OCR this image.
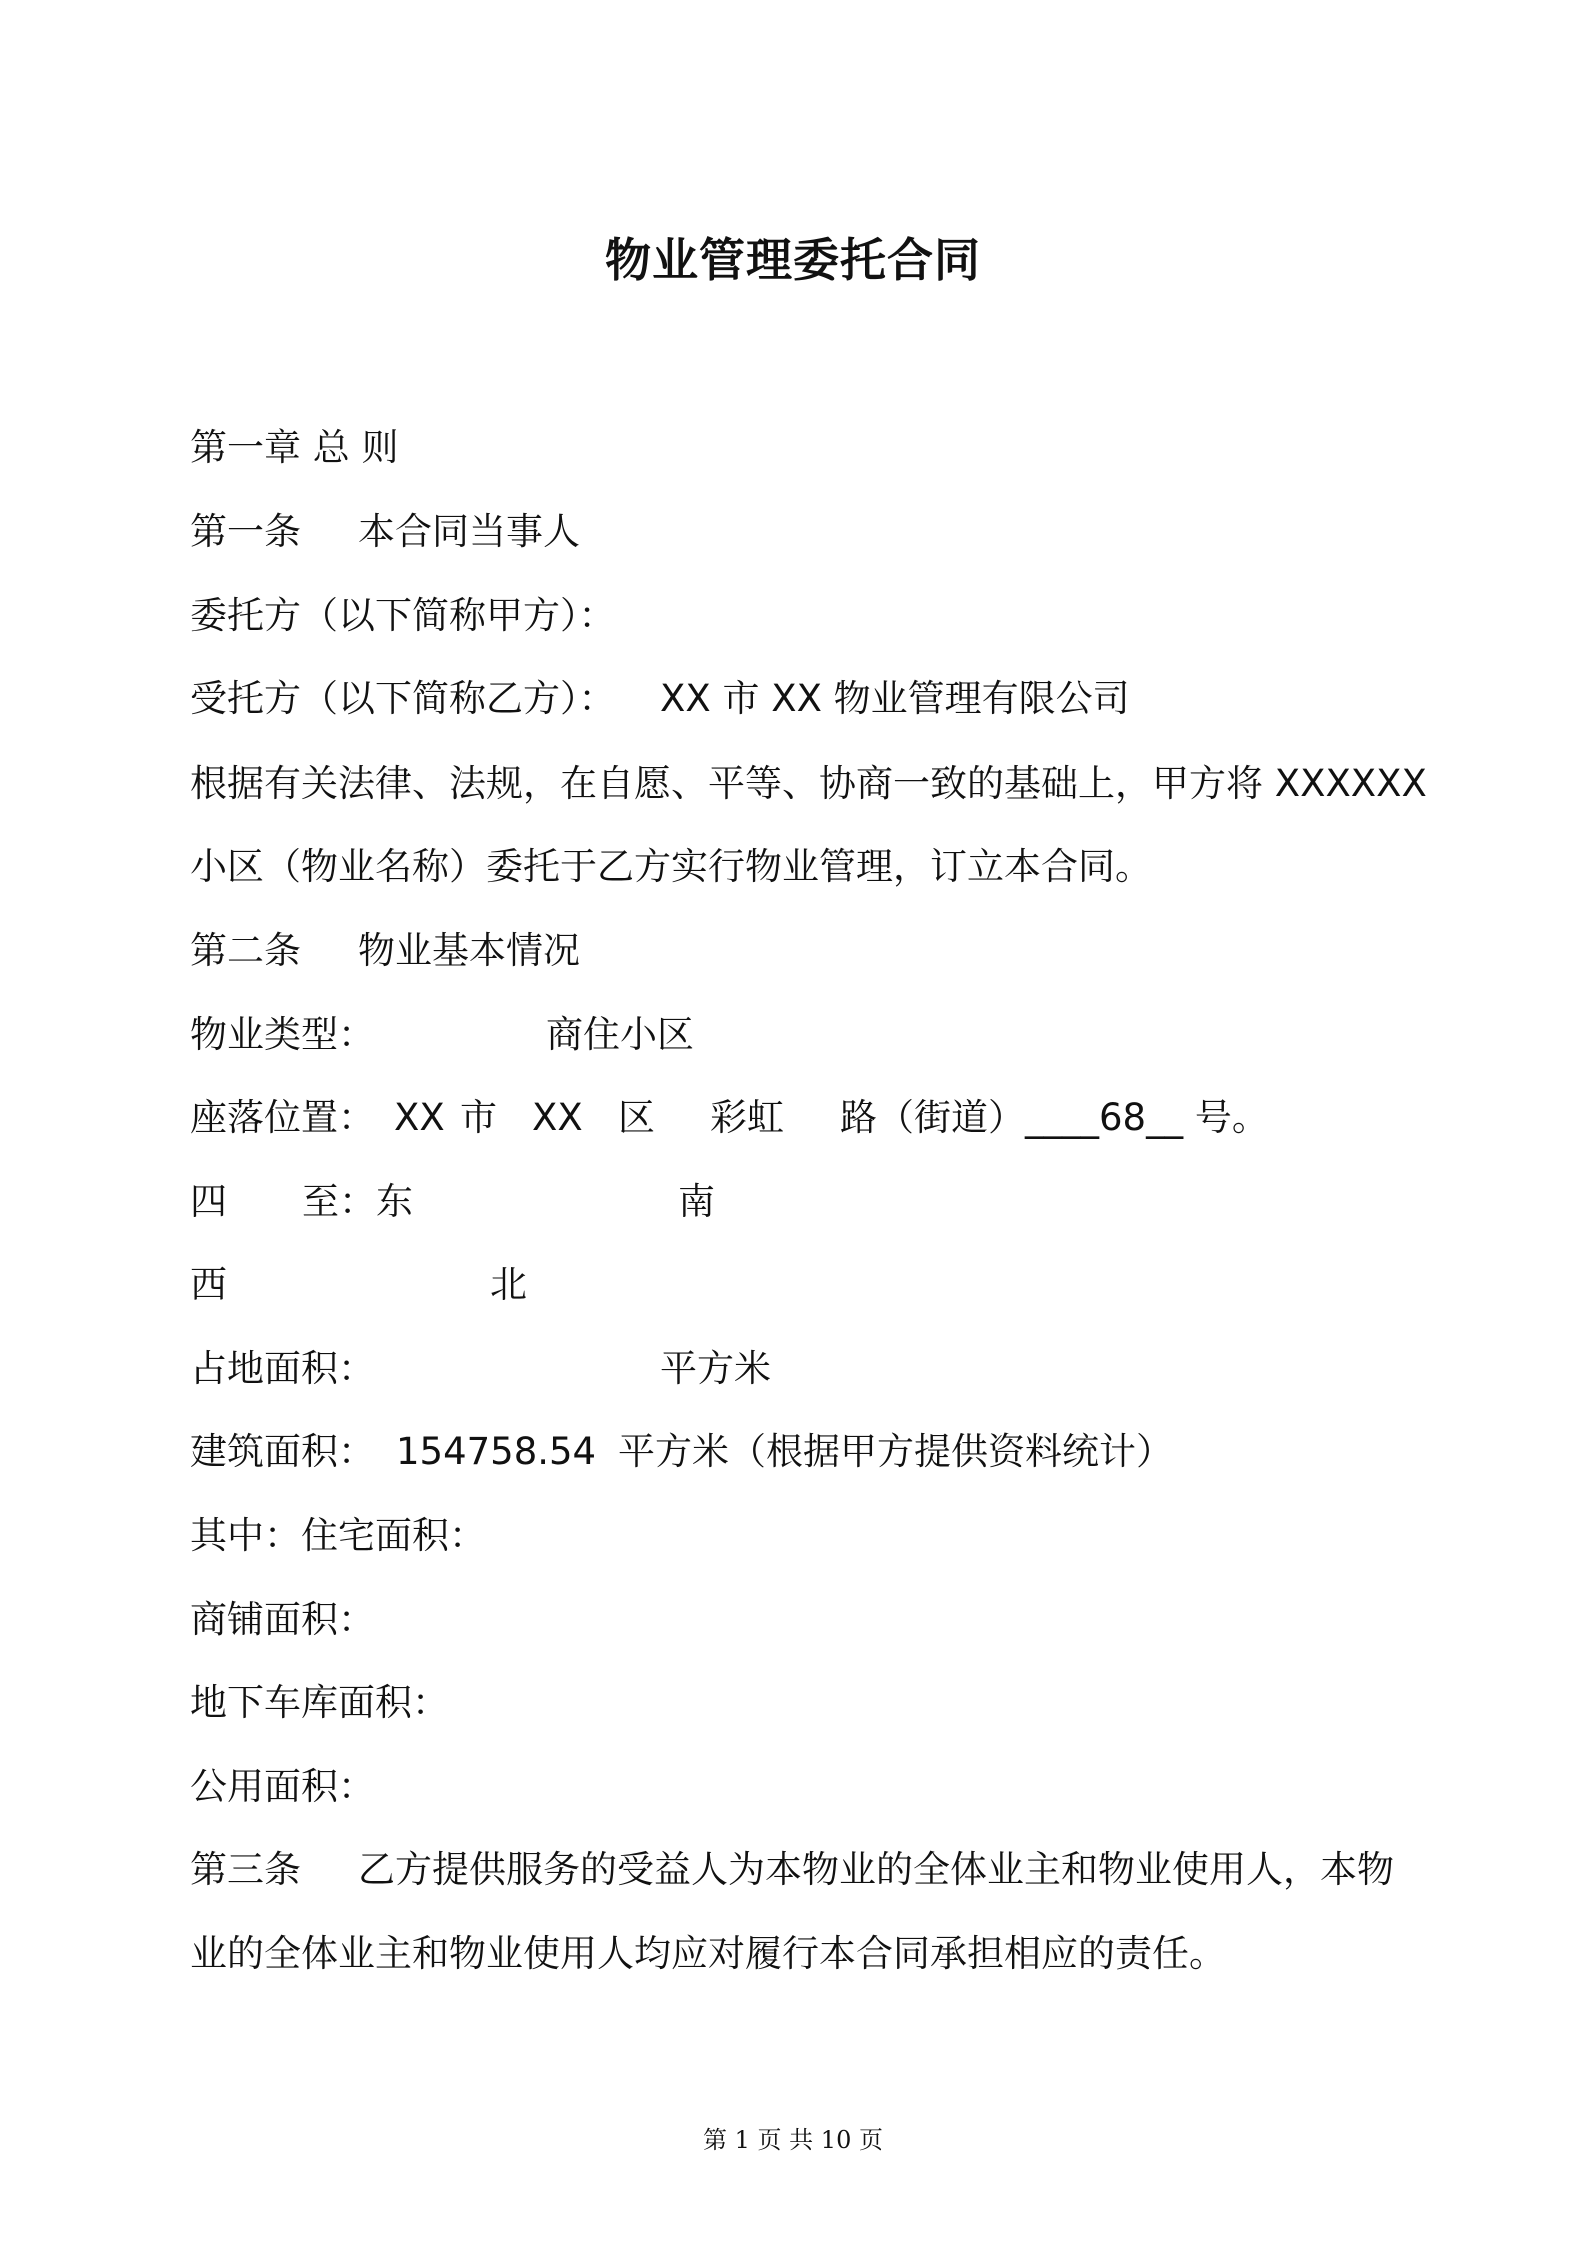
物业管理委托合同
第一章 总 则
第一条 本合同当事人
委托方（以下简称甲方）：
受托方（以下简称乙方）： XX 市 XX 物业管理有限公司
根据有关法律、法规，在自愿、平等、协商一致的基础上，甲方将 XXXXXX
小区（物业名称）委托于乙方实行物业管理，订立本合同。
第二条 物业基本情况
物业类型：	商住小区
座落位置： XX 市 XX 区 彩虹 路（街道）____68__ 号。
四 至：东	南
西	北
占地面积：	平方米
建筑面积： 154758.54 平方米（根据甲方提供资料统计）
其中：住宅面积：
商铺面积：
地下车库面积：
公用面积：
第三条 乙方提供服务的受益人为本物业的全体业主和物业使用人，本物
业的全体业主和物业使用人均应对履行本合同承担相应的责任。
第 1 页 共 10 页
